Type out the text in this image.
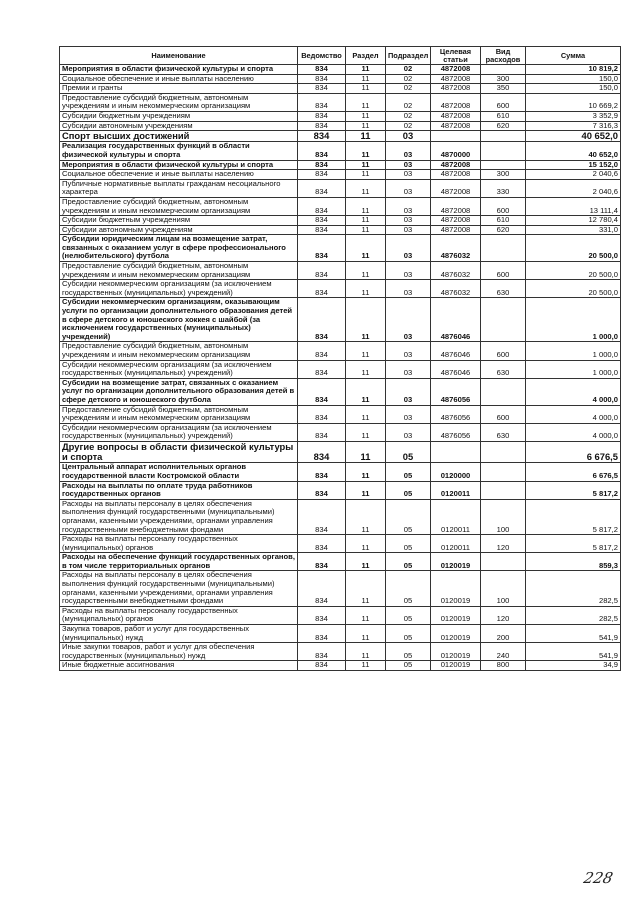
Наименование	Ведомство	Раздел	Подраздел	Целевая статьи	Вид расходов	Сумма
Мероприятия в области физической культуры и спорта	834	11	02	4872008		10 819,2
Социальное обеспечение и иные выплаты населению	834	11	02	4872008	300	150,0
Премии и гранты	834	11	02	4872008	350	150,0
Предоставление субсидий бюджетным, автономным учреждениям и иным некоммерческим организациям	834	11	02	4872008	600	10 669,2
Субсидии бюджетным учреждениям	834	11	02	4872008	610	3 352,9
Субсидии автономным учреждениям	834	11	02	4872008	620	7 316,3
Спорт высших достижений	834	11	03			40 652,0
Реализация государственных функций в области физической культуры и спорта	834	11	03	4870000		40 652,0
Мероприятия в области физической культуры и спорта	834	11	03	4872008		15 152,0
Социальное обеспечение и иные выплаты населению	834	11	03	4872008	300	2 040,6
Публичные нормативные выплаты гражданам несоциального характера	834	11	03	4872008	330	2 040,6
Предоставление субсидий бюджетным, автономным учреждениям и иным некоммерческим организациям	834	11	03	4872008	600	13 111,4
Субсидии бюджетным учреждениям	834	11	03	4872008	610	12 780,4
Субсидии автономным учреждениям	834	11	03	4872008	620	331,0
Субсидии юридическим лицам на возмещение затрат, связанных с оказанием услуг в сфере профессионального (нелюбительского) футбола	834	11	03	4876032		20 500,0
Предоставление субсидий бюджетным, автономным учреждениям и иным некоммерческим организациям	834	11	03	4876032	600	20 500,0
Субсидии некоммерческим организациям (за исключением государственных (муниципальных) учреждений)	834	11	03	4876032	630	20 500,0
Субсидии некоммерческим организациям, оказывающим услуги по организации дополнительного образования детей в сфере детского и юношеского хоккея с шайбой (за исключением государственных (муниципальных) учреждений)	834	11	03	4876046		1 000,0
Предоставление субсидий бюджетным, автономным учреждениям и иным некоммерческим организациям	834	11	03	4876046	600	1 000,0
Субсидии некоммерческим организациям (за исключением государственных (муниципальных) учреждений)	834	11	03	4876046	630	1 000,0
Субсидии на возмещение затрат, связанных с оказанием услуг по организации дополнительного образования детей в сфере детского и юношеского футбола	834	11	03	4876056		4 000,0
Предоставление субсидий бюджетным, автономным учреждениям и иным некоммерческим организациям	834	11	03	4876056	600	4 000,0
Субсидии некоммерческим организациям (за исключением государственных (муниципальных) учреждений)	834	11	03	4876056	630	4 000,0
Другие вопросы в области физической культуры и спорта	834	11	05			6 676,5
Центральный аппарат исполнительных органов государственной власти Костромской области	834	11	05	0120000		6 676,5
Расходы на выплаты по оплате труда работников государственных органов	834	11	05	0120011		5 817,2
Расходы на выплаты персоналу в целях обеспечения выполнения функций государственными (муниципальными) органами, казенными учреждениями, органами управления государственными внебюджетными фондами	834	11	05	0120011	100	5 817,2
Расходы на выплаты персоналу государственных (муниципальных) органов	834	11	05	0120011	120	5 817,2
Расходы на обеспечение функций государственных органов, в том числе территориальных органов	834	11	05	0120019		859,3
Расходы на выплаты персоналу в целях обеспечения выполнения функций государственными (муниципальными) органами, казенными учреждениями, органами управления государственными внебюджетными фондами	834	11	05	0120019	100	282,5
Расходы на выплаты персоналу государственных (муниципальных) органов	834	11	05	0120019	120	282,5
Закупка товаров, работ и услуг для государственных (муниципальных) нужд	834	11	05	0120019	200	541,9
Иные закупки товаров, работ и услуг для обеспечения государственных (муниципальных) нужд	834	11	05	0120019	240	541,9
Иные бюджетные ассигнования	834	11	05	0120019	800	34,9
228
